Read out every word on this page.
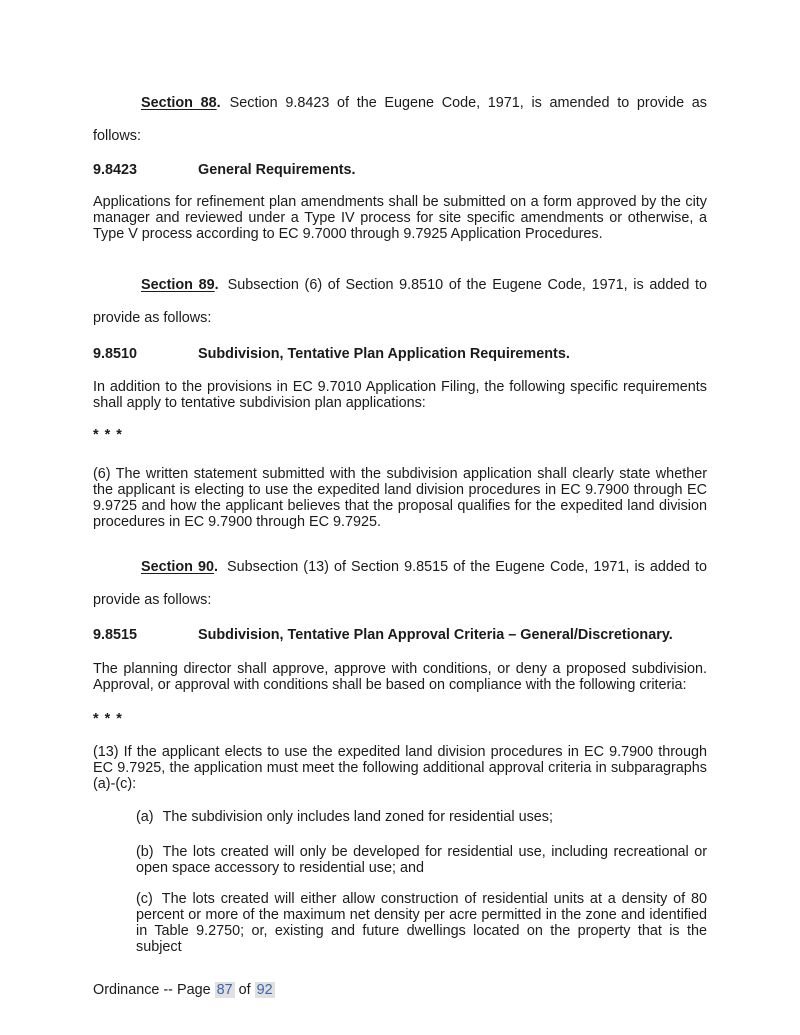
Section 88. Section 9.8423 of the Eugene Code, 1971, is amended to provide as follows:

9.8423	General Requirements.

Applications for refinement plan amendments shall be submitted on a form approved by the city manager and reviewed under a Type IV process for site specific amendments or otherwise, a Type V process according to EC 9.7000 through 9.7925 Application Procedures.

Section 89. Subsection (6) of Section 9.8510 of the Eugene Code, 1971, is added to provide as follows:

9.8510	Subdivision, Tentative Plan Application Requirements.

In addition to the provisions in EC 9.7010 Application Filing, the following specific requirements shall apply to tentative subdivision plan applications:

* * *

(6) The written statement submitted with the subdivision application shall clearly state whether the applicant is electing to use the expedited land division procedures in EC 9.7900 through EC 9.9725 and how the applicant believes that the proposal qualifies for the expedited land division procedures in EC 9.7900 through EC 9.7925.

Section 90. Subsection (13) of Section 9.8515 of the Eugene Code, 1971, is added to provide as follows:

9.8515	Subdivision, Tentative Plan Approval Criteria – General/Discretionary.

The planning director shall approve, approve with conditions, or deny a proposed subdivision. Approval, or approval with conditions shall be based on compliance with the following criteria:

* * *

(13) If the applicant elects to use the expedited land division procedures in EC 9.7900 through EC 9.7925, the application must meet the following additional approval criteria in subparagraphs (a)-(c):

(a) The subdivision only includes land zoned for residential uses;

(b) The lots created will only be developed for residential use, including recreational or open space accessory to residential use; and

(c) The lots created will either allow construction of residential units at a density of 80 percent or more of the maximum net density per acre permitted in the zone and identified in Table 9.2750; or, existing and future dwellings located on the property that is the subject

Ordinance -- Page 87 of 92
